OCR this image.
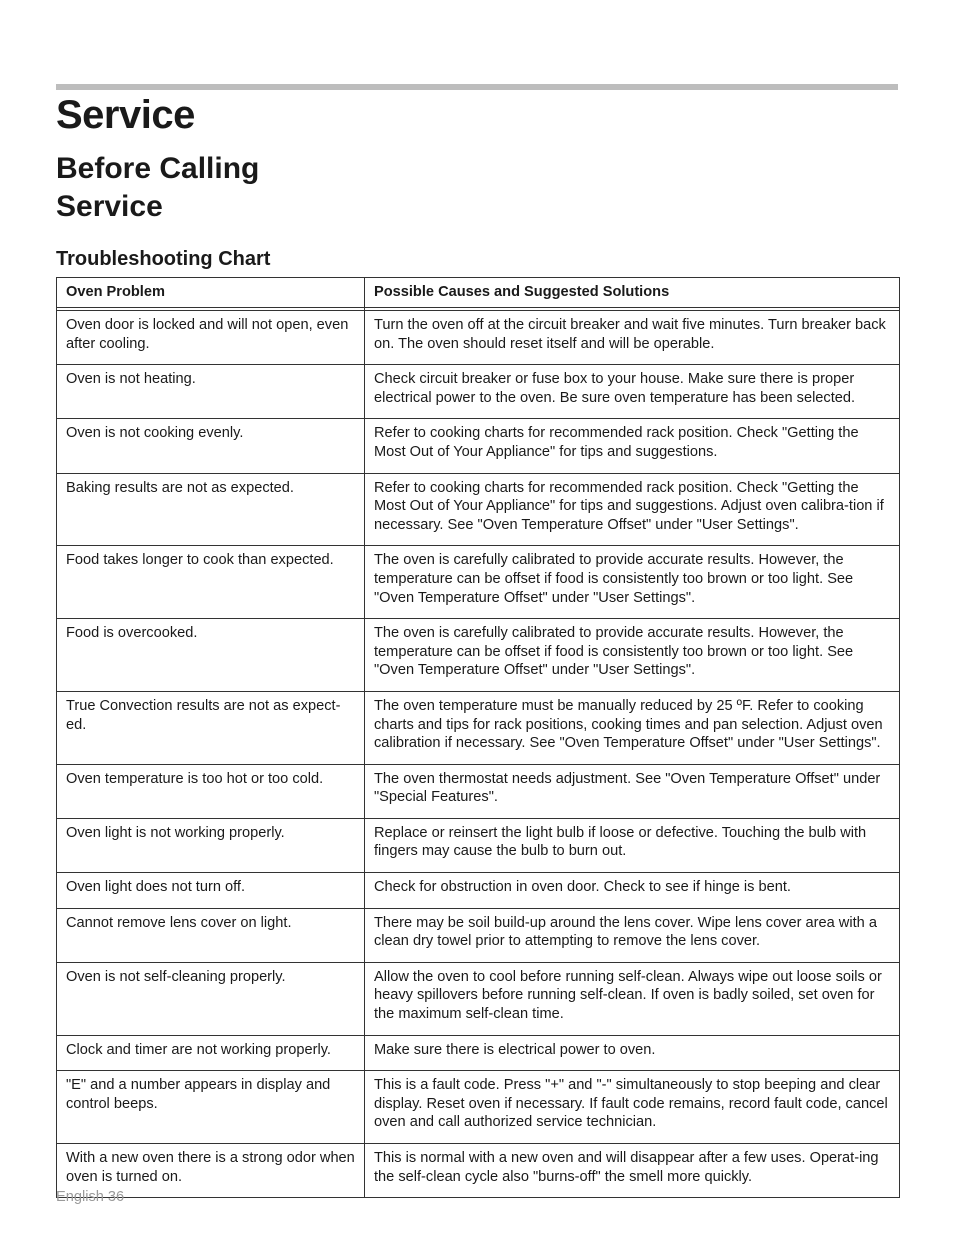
Service
Before Calling Service
Troubleshooting Chart
Oven Problem	Possible Causes and Suggested Solutions

Oven door is locked and will not open, even after cooling.	Turn the oven off at the circuit breaker and wait five minutes. Turn breaker back on. The oven should reset itself and will be operable.
Oven is not heating.	Check circuit breaker or fuse box to your house. Make sure there is proper electrical power to the oven. Be sure oven temperature has been selected.
Oven is not cooking evenly.	Refer to cooking charts for recommended rack position. Check "Getting the Most Out of Your Appliance" for tips and suggestions.
Baking results are not as expected.	Refer to cooking charts for recommended rack position. Check "Getting the Most Out of Your Appliance" for tips and suggestions. Adjust oven calibra-tion if necessary. See "Oven Temperature Offset" under "User Settings".
Food takes longer to cook than expected.	The oven is carefully calibrated to provide accurate results. However, the temperature can be offset if food is consistently too brown or too light. See "Oven Temperature Offset" under "User Settings".
Food is overcooked.	The oven is carefully calibrated to provide accurate results. However, the temperature can be offset if food is consistently too brown or too light. See "Oven Temperature Offset" under "User Settings".
True Convection results are not as expect-ed.	The oven temperature must be manually reduced by 25 ºF. Refer to cooking charts and tips for rack positions, cooking times and pan selection. Adjust oven calibration if necessary. See "Oven Temperature Offset" under "User Settings".
Oven temperature is too hot or too cold.	The oven thermostat needs adjustment. See "Oven Temperature Offset" under "Special Features".
Oven light is not working properly.	Replace or reinsert the light bulb if loose or defective. Touching the bulb with fingers may cause the bulb to burn out.
Oven light does not turn off.	Check for obstruction in oven door. Check to see if hinge is bent.
Cannot remove lens cover on light.	There may be soil build-up around the lens cover. Wipe lens cover area with a clean dry towel prior to attempting to remove the lens cover.
Oven is not self-cleaning properly.	Allow the oven to cool before running self-clean. Always wipe out loose soils or heavy spillovers before running self-clean. If oven is badly soiled, set oven for the maximum self-clean time.
Clock and timer are not working properly.	Make sure there is electrical power to oven.
"E" and a number appears in display and control beeps.	This is a fault code. Press "+" and "-" simultaneously to stop beeping and clear display. Reset oven if necessary. If fault code remains, record fault code, cancel oven and call authorized service technician.
With a new oven there is a strong odor when oven is turned on.	This is normal with a new oven and will disappear after a few uses. Operat-ing the self-clean cycle also "burns-off" the smell more quickly.
English 36
